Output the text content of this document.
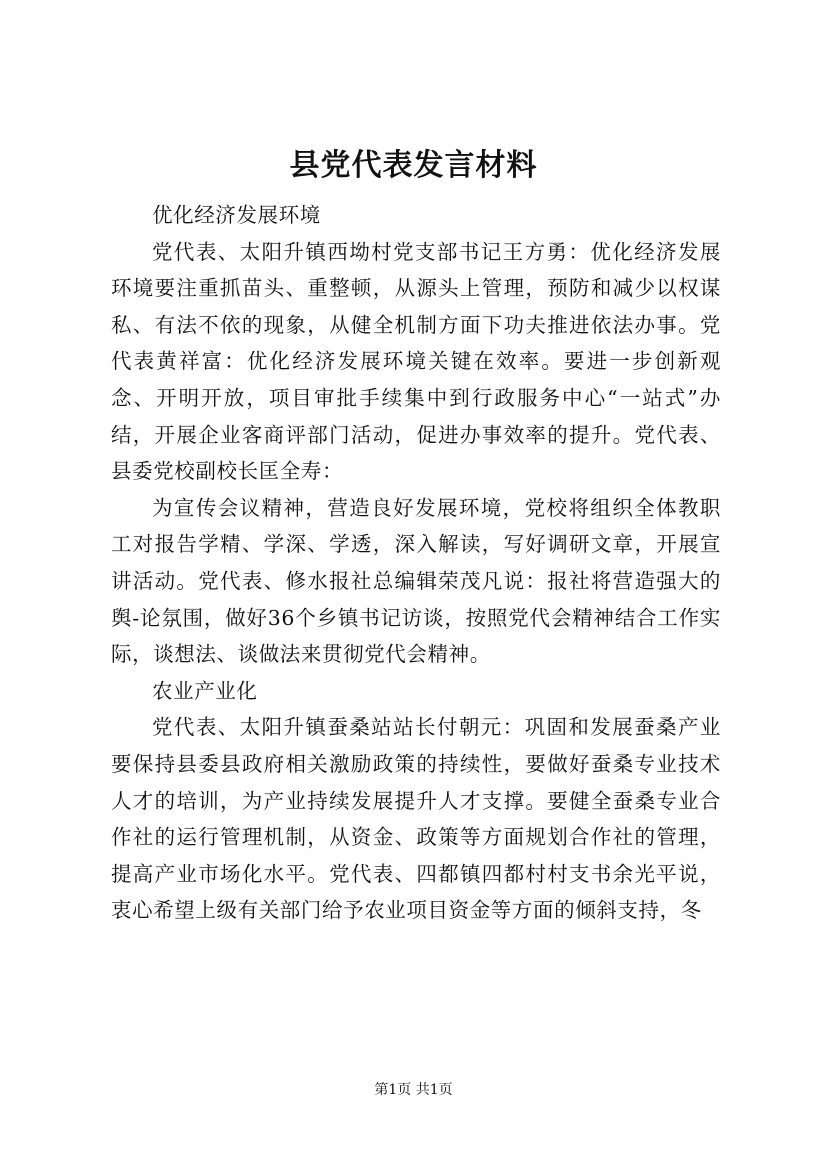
县党代表发言材料

优化经济发展环境

党代表、太阳升镇西坳村党支部书记王方勇：优化经济发展环境要注重抓苗头、重整顿，从源头上管理，预防和减少以权谋私、有法不依的现象，从健全机制方面下功夫推进依法办事。党代表黄祥富：优化经济发展环境关键在效率。要进一步创新观念、开明开放，项目审批手续集中到行政服务中心“一站式”办结，开展企业客商评部门活动，促进办事效率的提升。党代表、县委党校副校长匡全寿：

为宣传会议精神，营造良好发展环境，党校将组织全体教职工对报告学精、学深、学透，深入解读，写好调研文章，开展宣讲活动。党代表、修水报社总编辑荣茂凡说：报社将营造强大的舆-论氛围，做好36个乡镇书记访谈，按照党代会精神结合工作实际，谈想法、谈做法来贯彻党代会精神。

农业产业化

党代表、太阳升镇蚕桑站站长付朝元：巩固和发展蚕桑产业要保持县委县政府相关激励政策的持续性，要做好蚕桑专业技术人才的培训，为产业持续发展提升人才支撑。要健全蚕桑专业合作社的运行管理机制，从资金、政策等方面规划合作社的管理，提高产业市场化水平。党代表、四都镇四都村村支书余光平说，衷心希望上级有关部门给予农业项目资金等方面的倾斜支持，冬

第1页 共1页
